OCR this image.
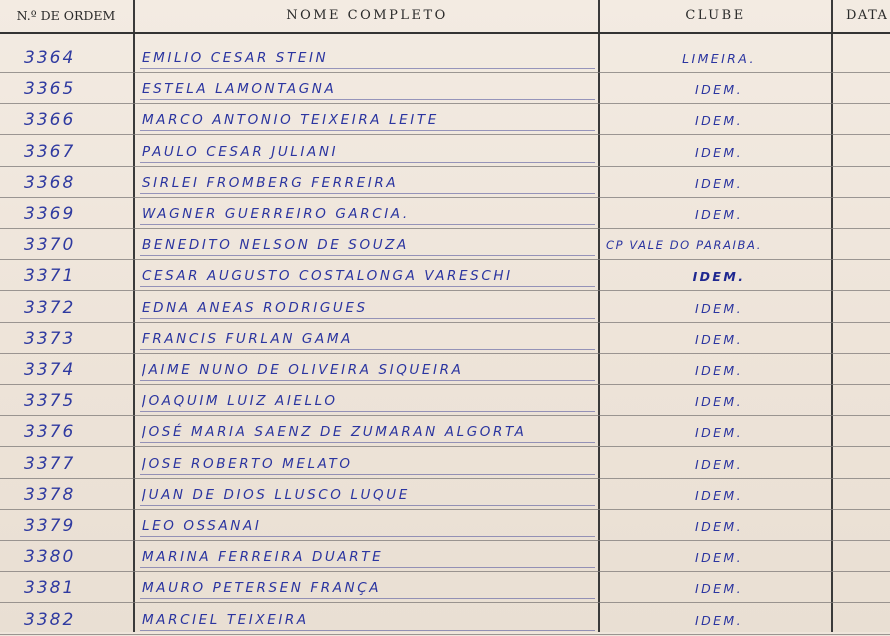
N.º DE ORDEM	NOME COMPLETO	CLUBE	DATA
3364	EMILIO CESAR STEIN	LIMEIRA.
3365	ESTELA LAMONTAGNA	IDEM.
3366	MARCO ANTONIO TEIXEIRA LEITE	IDEM.
3367	PAULO CESAR JULIANI	IDEM.
3368	SIRLEI FROMBERG FERREIRA	IDEM.
3369	WAGNER GUERREIRO GARCIA.	IDEM.
3370	BENEDITO NELSON DE SOUZA	CP VALE DO PARAIBA.
3371	CESAR AUGUSTO COSTALONGA VARESCHI	IDEM.
3372	EDNA ANEAS RODRIGUES	IDEM.
3373	FRANCIS FURLAN GAMA	IDEM.
3374	JAIME NUNO DE OLIVEIRA SIQUEIRA	IDEM.
3375	JOAQUIM LUIZ AIELLO	IDEM.
3376	JOSÉ MARIA SAENZ DE ZUMARAN ALGORTA	IDEM.
3377	JOSE ROBERTO MELATO	IDEM.
3378	JUAN DE DIOS LLUSCO LUQUE	IDEM.
3379	LEO OSSANAI	IDEM.
3380	MARINA FERREIRA DUARTE	IDEM.
3381	MAURO PETERSEN FRANÇA	IDEM.
3382	MARCIEL TEIXEIRA	IDEM.
